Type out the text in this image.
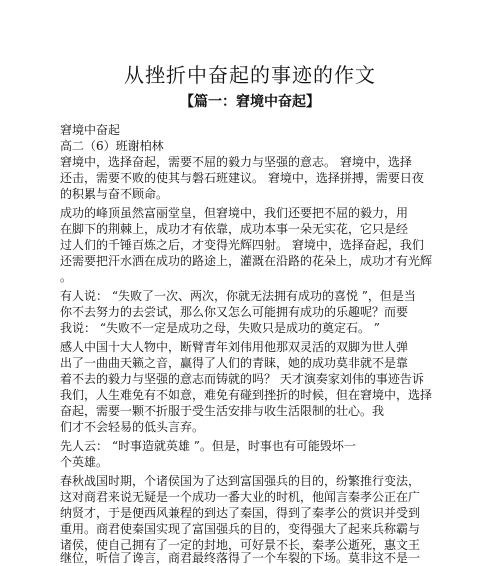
从挫折中奋起的事迹的作文
【篇一：窘境中奋起】
窘境中奋起
高二（6）班谢柏林
窘境中，选择奋起，需要不屈的毅力与坚强的意志。 窘境中，选择
还击，需要不败的使其与磐石班建议。 窘境中，选择拼搏，需要日夜
的积累与奋不顾命。
成功的峰顶虽然富丽堂皇，但窘境中，我们还要把不屈的毅力，用
在脚下的荆棘上，成功才有依靠，成功本事一朵无实花，它只是经
过人们的千锤百炼之后，才变得光辉四射。 窘境中，选择奋起，我们
还需要把汗水洒在成功的路途上，灌溉在沿路的花朵上，成功才有光辉
。
有人说： “失败了一次、两次，你就无法拥有成功的喜悦 ”，但是当
你不去努力的去尝试，那么你又怎么可能拥有成功的乐趣呢？而要
我说： “失败不一定是成功之母，失败只是成功的奠定石。 ”
感人中国十大人物中，断臂青年刘伟用他那双灵活的双脚为世人弹
出了一曲曲天籁之音，赢得了人们的青睐，她的成功莫非就不是靠
着不去的毅力与坚强的意志而铸就的吗？ 天才演奏家刘伟的事迹告诉
我们，人生难免有不如意，难免有碰到挫折的时候，但在窘境中，选择
奋起，需要一颗不折服于受生活安排与收生活限制的壮心。我
们才不会轻易的低头言弃。
先人云： “时事造就英雄 ”。但是，时事也有可能毁坏一
个英雄。
春秋战国时期，个诸侯国为了达到富国强兵的目的，纷繁推行变法，
这对商君来说无疑是一个成功一番大业的时机，他闻言秦孝公正在广
纳贤才，于是便西风兼程的到达了秦国，得到了秦孝公的赏识并受到
重用。商君使秦国实现了富国强兵的目的，变得强大了起来兵称霸与
诸侯，使自己拥有了一定的封地，可好景不长，秦孝公逝死，惠文王
继位，听信了谗言，商君最终落得了一个车裂的下场。莫非这不是一
